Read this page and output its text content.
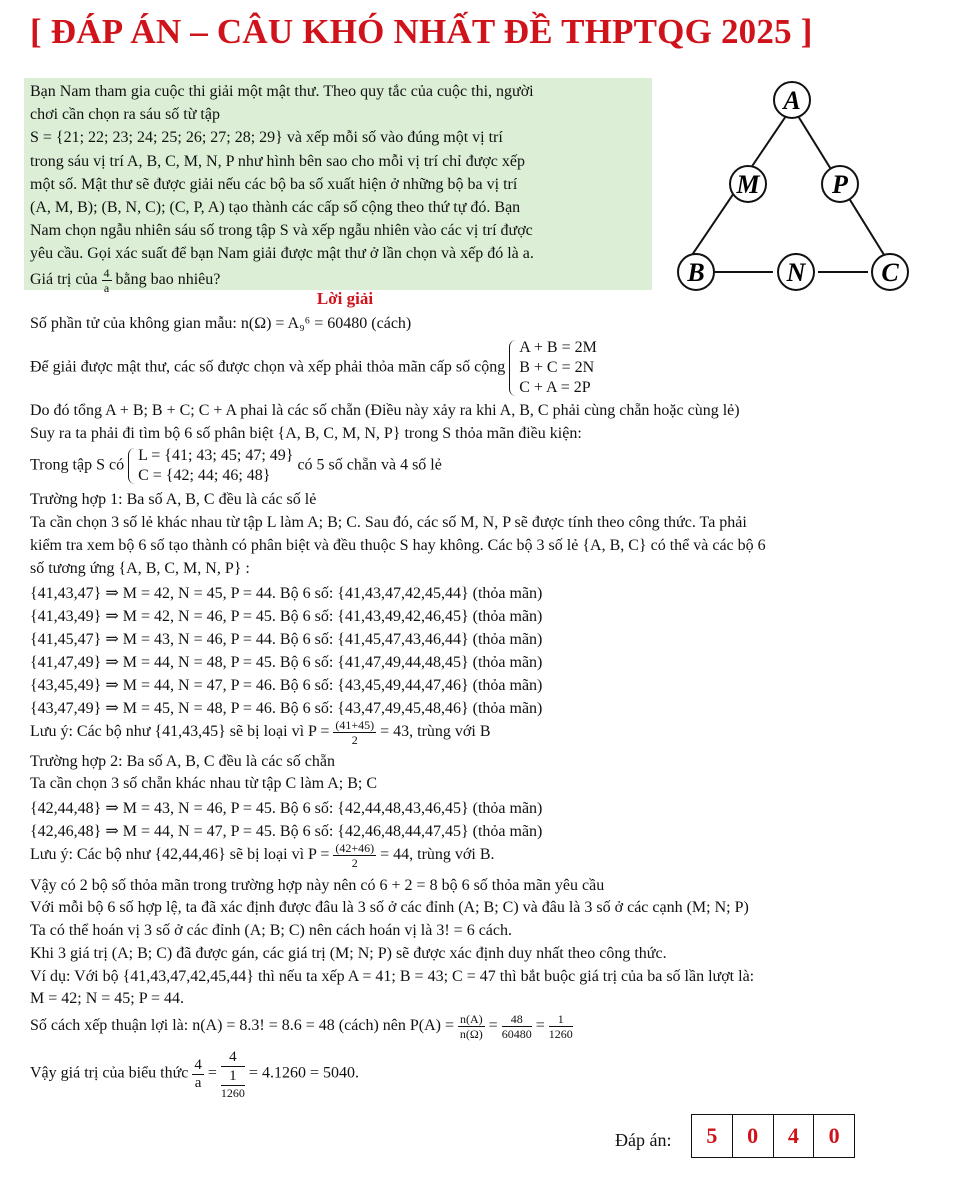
[ ĐÁP ÁN – CÂU KHÓ NHẤT ĐỀ THPTQG 2025 ]
Bạn Nam tham gia cuộc thi giải một mật thư. Theo quy tắc của cuộc thi, người
chơi cần chọn ra sáu số từ tập
S = {21; 22; 23; 24; 25; 26; 27; 28; 29} và xếp mỗi số vào đúng một vị trí
trong sáu vị trí A, B, C, M, N, P như hình bên sao cho mỗi vị trí chỉ được xếp
một số. Mật thư sẽ được giải nếu các bộ ba số xuất hiện ở những bộ ba vị trí
(A, M, B); (B, N, C); (C, P, A) tạo thành các cấp số cộng theo thứ tự đó. Bạn
Nam chọn ngẫu nhiên sáu số trong tập S và xếp ngẫu nhiên vào các vị trí được
yêu cầu. Gọi xác suất để bạn Nam giải được mật thư ở lần chọn và xếp đó là a.
Giá trị của $\frac{4}{a}$ bằng bao nhiêu?
A
M	P
B	N	C
Lời giải
Số phần tử của không gian mẫu: n(Ω) = A₉⁶ = 60480 (cách)
Để giải được mật thư, các số được chọn và xếp phải thỏa mãn cấp số cộng
A + B = 2M
B + C = 2N
C + A = 2P
Do đó tổng A + B; B + C; C + A phai là các số chẵn (Điều này xảy ra khi A, B, C phải cùng chẵn hoặc cùng lẻ)
Suy ra ta phải đi tìm bộ 6 số phân biệt {A, B, C, M, N, P} trong S thỏa mãn điều kiện:
Trong tập S có
L = {41; 43; 45; 47; 49}
C = {42; 44; 46; 48}
có 5 số chẵn và 4 số lẻ
Trường hợp 1: Ba số A, B, C đều là các số lẻ
Ta cần chọn 3 số lẻ khác nhau từ tập L làm A; B; C. Sau đó, các số M, N, P sẽ được tính theo công thức. Ta phải
kiểm tra xem bộ 6 số tạo thành có phân biệt và đều thuộc S hay không. Các bộ 3 số lẻ {A, B, C} có thể và các bộ 6
số tương ứng {A, B, C, M, N, P} :
{41,43,47} ⇒ M = 42, N = 45, P = 44. Bộ 6 số: {41,43,47,42,45,44} (thỏa mãn)
{41,43,49} ⇒ M = 42, N = 46, P = 45. Bộ 6 số: {41,43,49,42,46,45} (thỏa mãn)
{41,45,47} ⇒ M = 43, N = 46, P = 44. Bộ 6 số: {41,45,47,43,46,44} (thỏa mãn)
{41,47,49} ⇒ M = 44, N = 48, P = 45. Bộ 6 số: {41,47,49,44,48,45} (thỏa mãn)
{43,45,49} ⇒ M = 44, N = 47, P = 46. Bộ 6 số: {43,45,49,44,47,46} (thỏa mãn)
{43,47,49} ⇒ M = 45, N = 48, P = 46. Bộ 6 số: {43,47,49,45,48,46} (thỏa mãn)
Lưu ý: Các bộ như {41,43,45} sẽ bị loại vì $P = \frac{(41+45)}{2} = 43$, trùng với B
Trường hợp 2: Ba số A, B, C đều là các số chẵn
Ta cần chọn 3 số chẵn khác nhau từ tập C làm A; B; C
{42,44,48} ⇒ M = 43, N = 46, P = 45. Bộ 6 số: {42,44,48,43,46,45} (thỏa mãn)
{42,46,48} ⇒ M = 44, N = 47, P = 45. Bộ 6 số: {42,46,48,44,47,45} (thỏa mãn)
Lưu ý: Các bộ như {42,44,46} sẽ bị loại vì $P = \frac{(42+46)}{2} = 44$, trùng với B.
Vậy có 2 bộ số thỏa mãn trong trường hợp này nên có 6 + 2 = 8 bộ 6 số thỏa mãn yêu cầu
Với mỗi bộ 6 số hợp lệ, ta đã xác định được đâu là 3 số ở các đỉnh (A; B; C) và đâu là 3 số ở các cạnh (M; N; P)
Ta có thể hoán vị 3 số ở các đỉnh (A; B; C) nên cách hoán vị là 3! = 6 cách.
Khi 3 giá trị (A; B; C) đã được gán, các giá trị (M; N; P) sẽ được xác định duy nhất theo công thức.
Ví dụ: Với bộ {41,43,47,42,45,44} thì nếu ta xếp A = 41; B = 43; C = 47 thì bắt buộc giá trị của ba số lần lượt là:
M = 42; N = 45; P = 44.
Số cách xếp thuận lợi là: n(A) = 8.3! = 8.6 = 48 (cách) nên $P(A) = \frac{n(A)}{n(\Omega)} = \frac{48}{60480} = \frac{1}{1260}$
Vậy giá trị của biểu thức $\frac{4}{a} = \frac{4}{\frac{1}{1260}} = 4.1260 = 5040$.
Đáp án:	5	0	4	0
